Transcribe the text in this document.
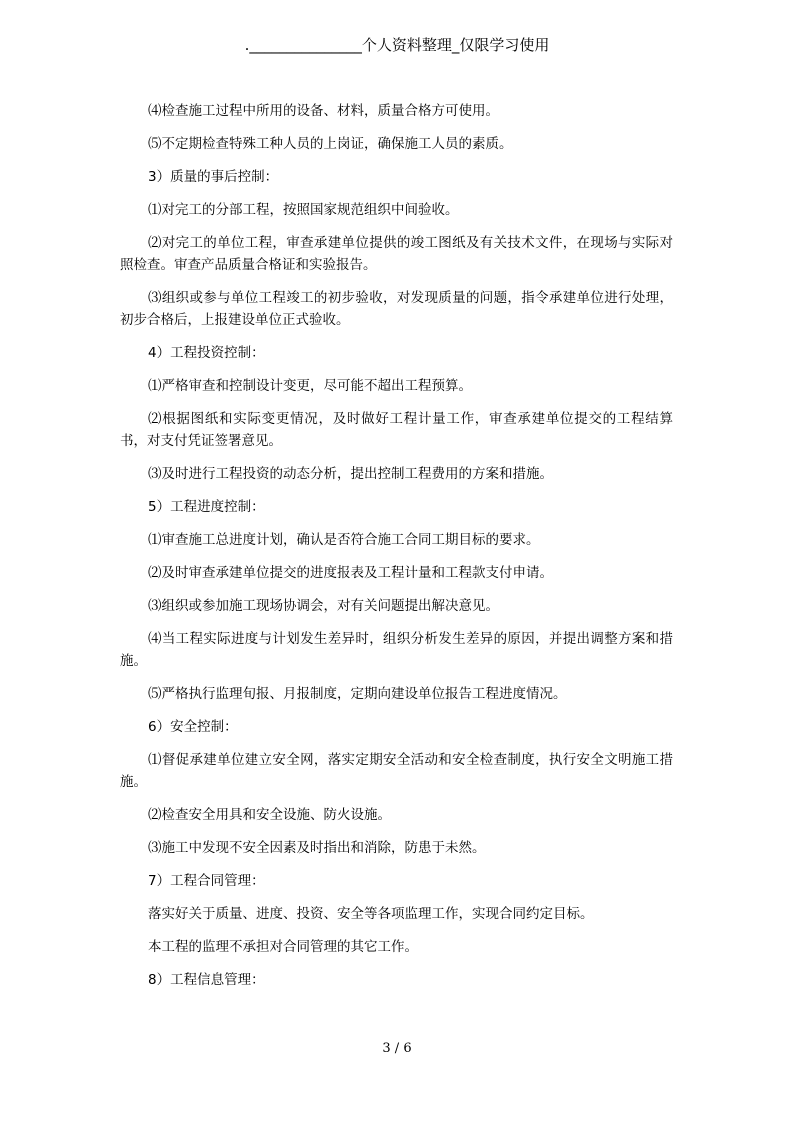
._______________个人资料整理_仅限学习使用

⑷检查施工过程中所用的设备、材料，质量合格方可使用。

⑸不定期检查特殊工种人员的上岗证，确保施工人员的素质。

3）质量的事后控制：

⑴对完工的分部工程，按照国家规范组织中间验收。

⑵对完工的单位工程，审查承建单位提供的竣工图纸及有关技术文件，在现场与实际对照检查。审查产品质量合格证和实验报告。

⑶组织或参与单位工程竣工的初步验收，对发现质量的问题，指令承建单位进行处理，初步合格后，上报建设单位正式验收。

4）工程投资控制：

⑴严格审查和控制设计变更，尽可能不超出工程预算。

⑵根据图纸和实际变更情况，及时做好工程计量工作，审查承建单位提交的工程结算书，对支付凭证签署意见。

⑶及时进行工程投资的动态分析，提出控制工程费用的方案和措施。

5）工程进度控制：

⑴审查施工总进度计划，确认是否符合施工合同工期目标的要求。

⑵及时审查承建单位提交的进度报表及工程计量和工程款支付申请。

⑶组织或参加施工现场协调会，对有关问题提出解决意见。

⑷当工程实际进度与计划发生差异时，组织分析发生差异的原因，并提出调整方案和措施。

⑸严格执行监理旬报、月报制度，定期向建设单位报告工程进度情况。

6）安全控制：

⑴督促承建单位建立安全网，落实定期安全活动和安全检查制度，执行安全文明施工措施。

⑵检查安全用具和安全设施、防火设施。

⑶施工中发现不安全因素及时指出和消除，防患于未然。

7）工程合同管理：

落实好关于质量、进度、投资、安全等各项监理工作，实现合同约定目标。

本工程的监理不承担对合同管理的其它工作。

8）工程信息管理：

3 / 6
